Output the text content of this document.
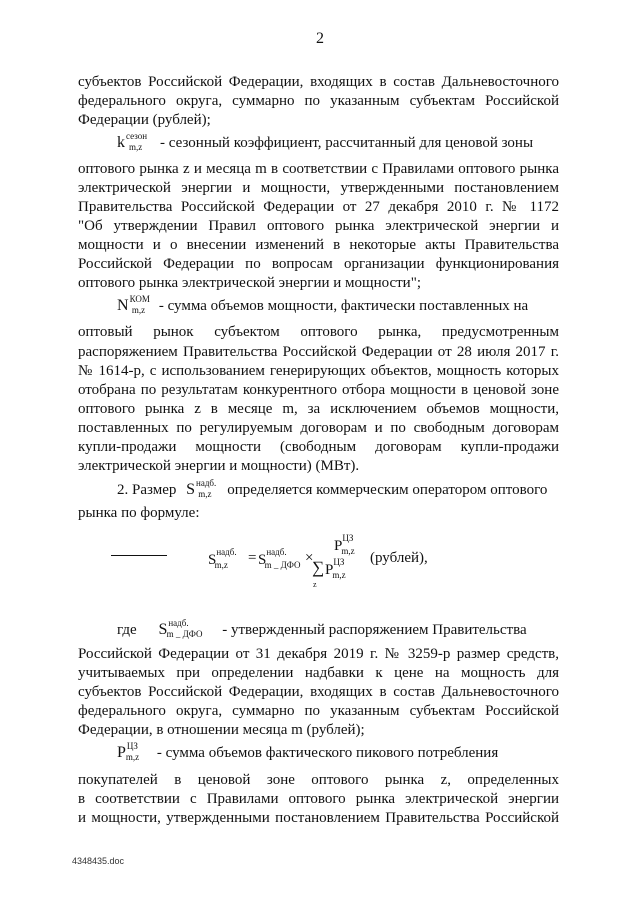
2
субъектов Российской Федерации, входящих в состав Дальневосточного
федерального округа, суммарно по указанным субъектам Российской
Федерации (рублей);
$k^{сезон}m,z$ - сезонный коэффициент, рассчитанный для ценовой зоны
оптового рынка z и месяца m в соответствии с Правилами оптового рынка
электрической энергии и мощности, утвержденными постановлением
Правительства Российской Федерации от 27 декабря 2010 г. № 1172
"Об утверждении Правил оптового рынка электрической энергии и
мощности и о внесении изменений в некоторые акты Правительства
Российской Федерации по вопросам организации функционирования
оптового рынка электрической энергии и мощности";
$N^{КОМ}m,z$ - сумма объемов мощности, фактически поставленных на
оптовый рынок субъектом оптового рынка, предусмотренным
распоряжением Правительства Российской Федерации от 28 июля 2017 г.
№ 1614-р, с использованием генерирующих объектов, мощность которых
отобрана по результатам конкурентного отбора мощности в ценовой зоне
оптового рынка z в месяце m, за исключением объемов мощности,
поставленных по регулируемым договорам и по свободным договорам
купли-продажи мощности (свободным договорам купли-продажи
электрической энергии и мощности) (МВт).
2. Размер $S^{надб.}m,z$ определяется коммерческим оператором оптового
рынка по формуле:
$S^{надб.}_{m,z}$	= $S^{надб.}_{m \_ ДФО}$ ×
$P^{ЦЗ}_{m,z}$
∑
z
$P^{ЦЗ}_{m,z}$
(рублей),
где $S^{надб.}m$ _ ДФО - утвержденный распоряжением Правительства
Российской Федерации от 31 декабря 2019 г. № 3259-р размер средств,
учитываемых при определении надбавки к цене на мощность для
субъектов Российской Федерации, входящих в состав Дальневосточного
федерального округа, суммарно по указанным субъектам Российской
Федерации, в отношении месяца m (рублей);
$P^{ЦЗ}m,z$ - сумма объемов фактического пикового потребления
покупателей в ценовой зоне оптового рынка z, определенных
в соответствии с Правилами оптового рынка электрической энергии
и мощности, утвержденными постановлением Правительства Российской
4348435.doc
